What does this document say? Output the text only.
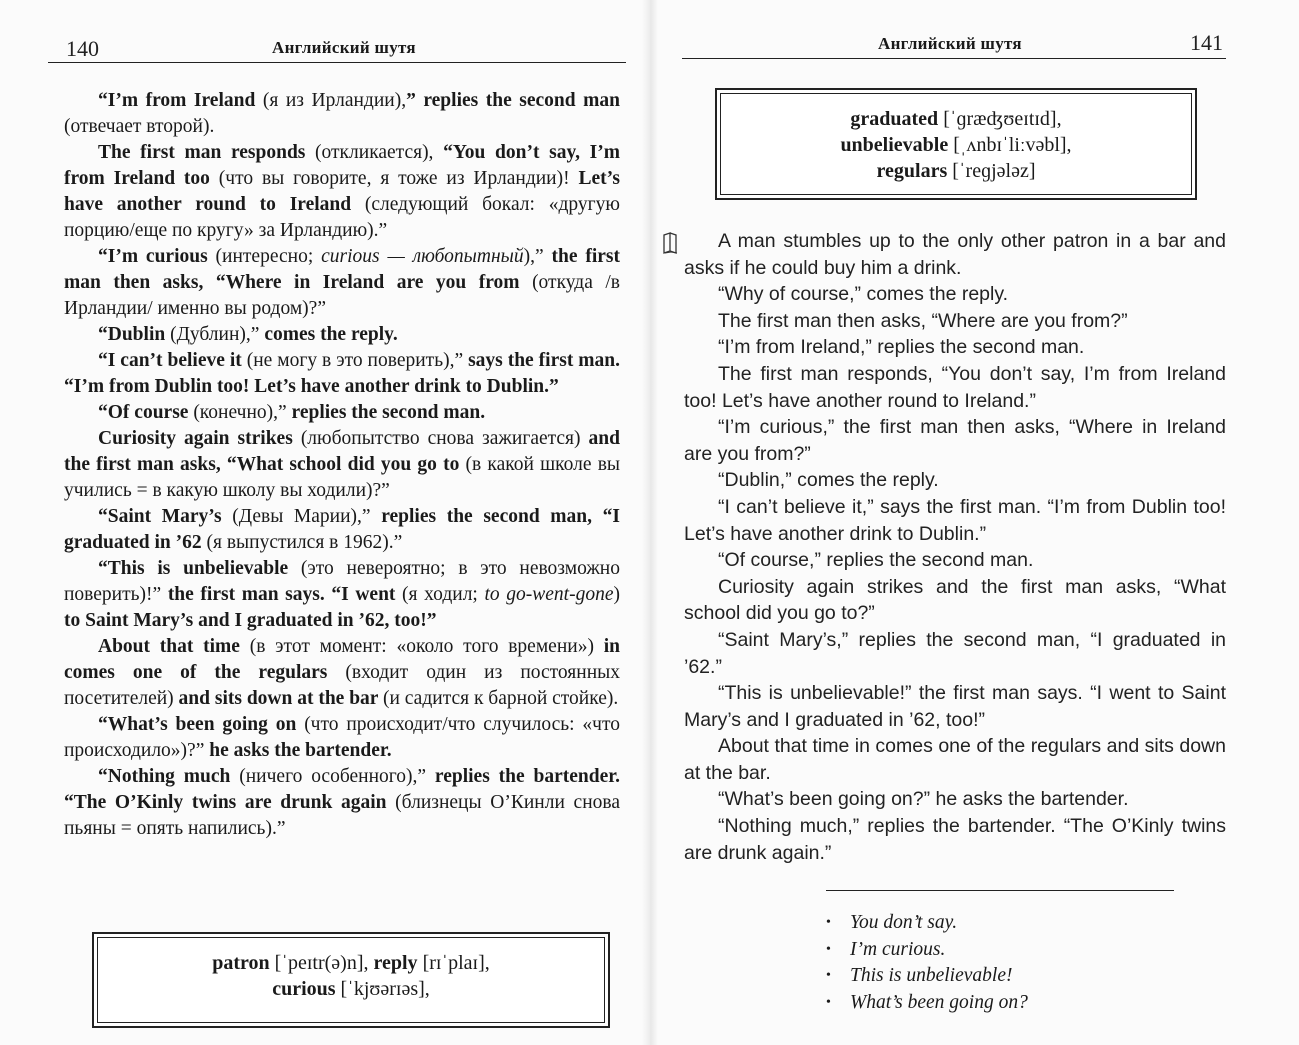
140	Английский шутя

“I’m from Ireland (я из Ирландии),” replies the second man (отвечает второй).

The first man responds (откликается), “You don’t say, I’m from Ireland too (что вы говорите, я тоже из Ирландии)! Let’s have another round to Ireland (следующий бокал: «другую порцию/еще по кругу» за Ирландию).”

“I’m curious (интересно; curious — любопытный),” the first man then asks, “Where in Ireland are you from (откуда /в Ирландии/ именно вы родом)?”

“Dublin (Дублин),” comes the reply.

“I can’t believe it (не могу в это поверить),” says the first man. “I’m from Dublin too! Let’s have another drink to Dublin.”

“Of course (конечно),” replies the second man.

Curiosity again strikes (любопытство снова зажигается) and the first man asks, “What school did you go to (в какой школе вы учились = в какую школу вы ходили)?”

“Saint Mary’s (Девы Марии),” replies the second man, “I graduated in ’62 (я выпустился в 1962).”

“This is unbelievable (это невероятно; в это невозможно поверить)!” the first man says. “I went (я ходил; to go-went-gone) to Saint Mary’s and I graduated in ’62, too!”

About that time (в этот момент: «около того времени») in comes one of the regulars (входит один из постоянных посетителей) and sits down at the bar (и садится к барной стойке).

“What’s been going on (что происходит/что случилось: «что происходило»)?” he asks the bartender.

“Nothing much (ничего особенного),” replies the bartender. “The O’Kinly twins are drunk again (близнецы О’Кинли снова пьяны = опять напились).”

patron [ˈpeɪtr(ə)n], reply [rɪˈplaɪ],
curious [ˈkjʊərɪəs],
Английский шутя	141
graduated [ˈɡræʤʊeɪtɪd],
unbelievable [ˌʌnbɪˈliːvəbl],
regulars [ˈreɡjələz]

A man stumbles up to the only other patron in a bar and asks if he could buy him a drink.

“Why of course,” comes the reply.

The first man then asks, “Where are you from?”

“I’m from Ireland,” replies the second man.

The first man responds, “You don’t say, I’m from Ireland too! Let’s have another round to Ireland.”

“I’m curious,” the first man then asks, “Where in Ireland are you from?”

“Dublin,” comes the reply.

“I can’t believe it,” says the first man. “I’m from Dublin too! Let’s have another drink to Dublin.”

“Of course,” replies the second man.

Curiosity again strikes and the first man asks, “What school did you go to?”

“Saint Mary’s,” replies the second man, “I graduated in ’62.”

“This is unbelievable!” the first man says. “I went to Saint Mary’s and I graduated in ’62, too!”

About that time in comes one of the regulars and sits down at the bar.

“What’s been going on?” he asks the bartender.

“Nothing much,” replies the bartender. “The O’Kinly twins are drunk again.”

• You don’t say.
• I’m curious.
• This is unbelievable!
• What’s been going on?
